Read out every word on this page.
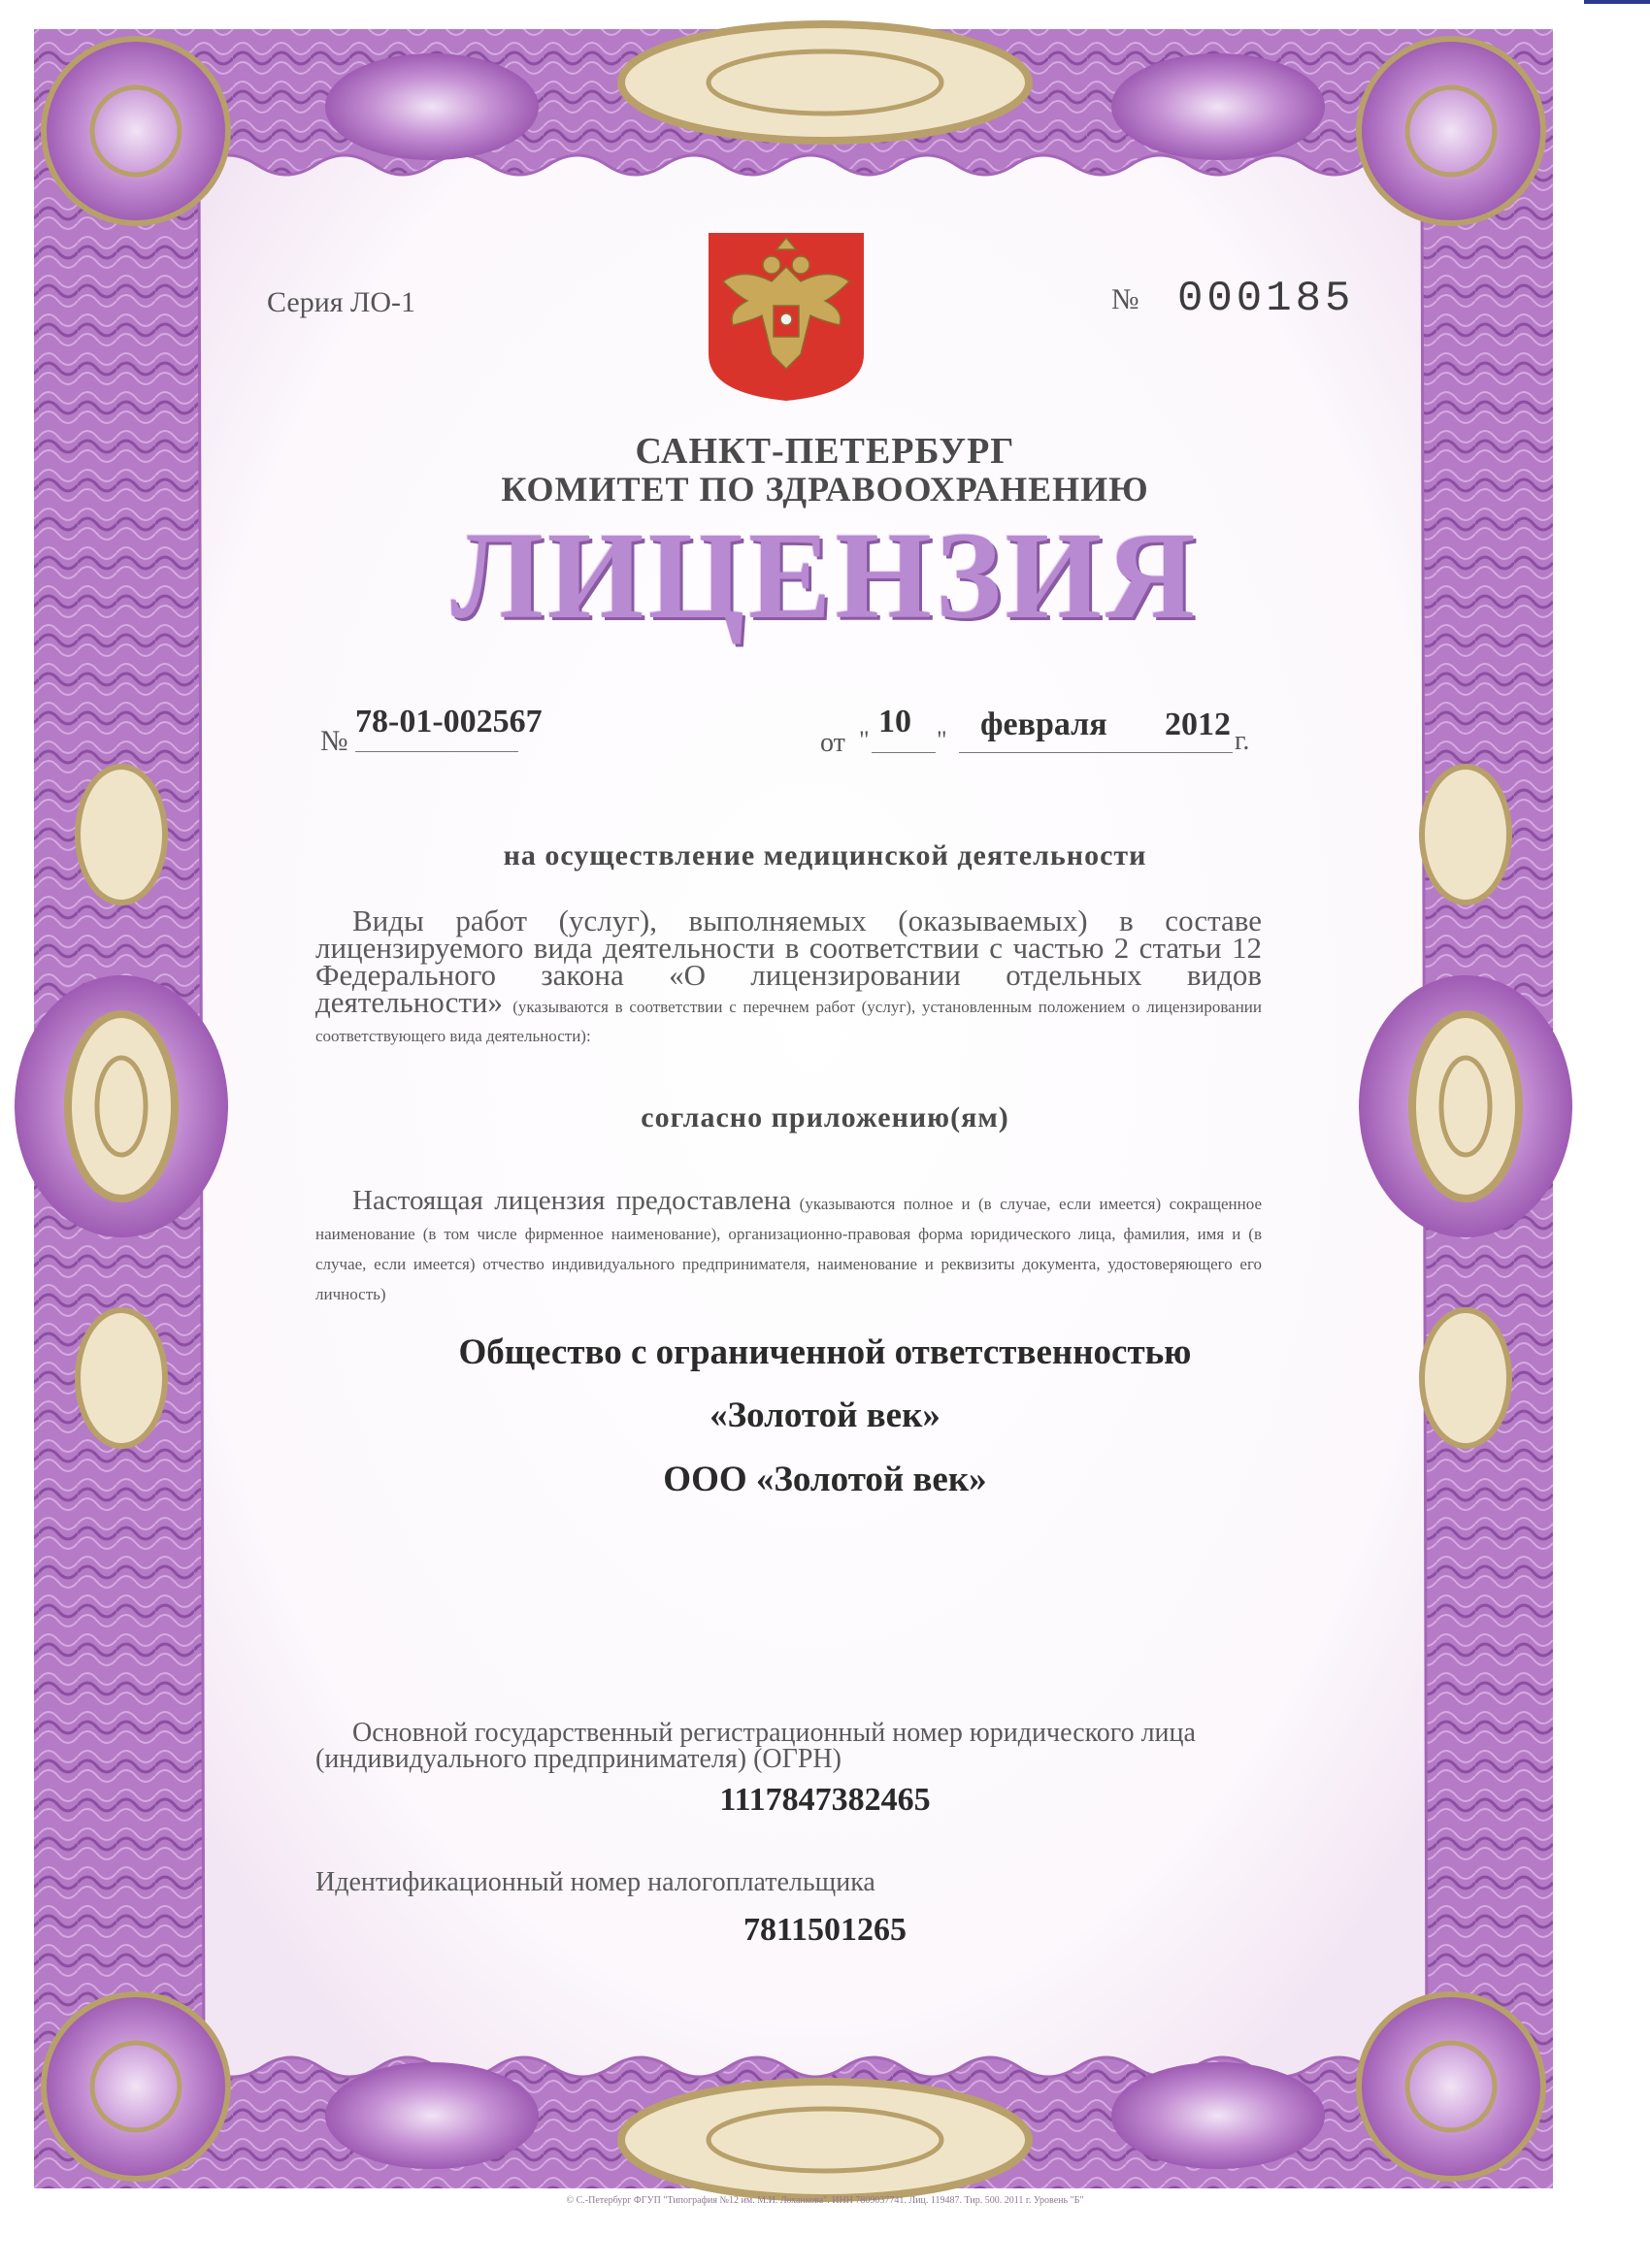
Серия ЛО-1	№ 000185
САНКТ-ПЕТЕРБУРГ
КОМИТЕТ ПО ЗДРАВООХРАНЕНИЮ
ЛИЦЕНЗИЯ
№
78-01-002567
от "
10
" февраля 2012 г.
на осуществление медицинской деятельности
Виды работ (услуг), выполняемых (оказываемых) в составе лицензируемого вида деятельности в соответствии с частью 2 статьи 12 Федерального закона «О лицензировании отдельных видов деятельности» (указываются в соответствии с перечнем работ (услуг), установленным положением о лицензировании соответствующего вида деятельности):
согласно приложению(ям)
Настоящая лицензия предоставлена (указываются полное и (в случае, если имеется) сокращенное наименование (в том числе фирменное наименование), организационно-правовая форма юридического лица, фамилия, имя и (в случае, если имеется) отчество индивидуального предпринимателя, наименование и реквизиты документа, удостоверяющего его личность)
Общество с ограниченной ответственностью
«Золотой век»
ООО «Золотой век»
Основной государственный регистрационный номер юридического лица
(индивидуального предпринимателя) (ОГРН)
1117847382465
Идентификационный номер налогоплательщика
7811501265
© С.-Петербург ФГУП "Типография №12 им. М.И. Лоханкова". ИНН 7809037741. Лиц. 119487. Тир. 500. 2011 г. Уровень "Б"
